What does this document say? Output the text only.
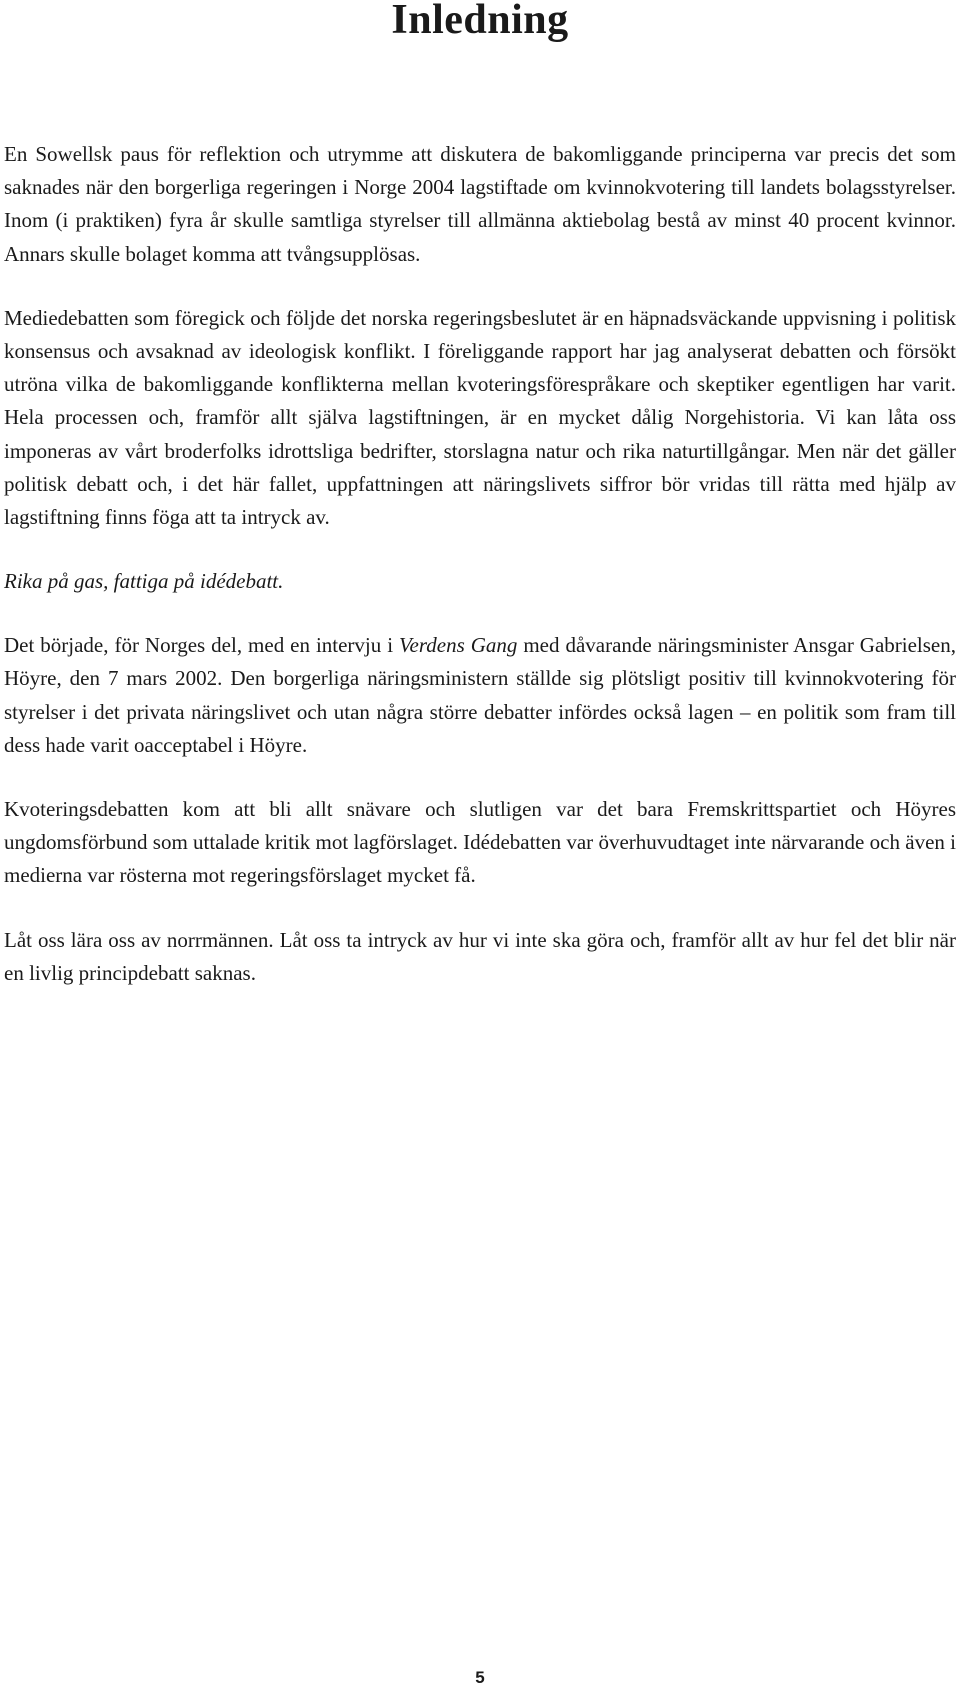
Inledning

En Sowellsk paus för reflektion och utrymme att diskutera de bakomliggande principerna var precis det som saknades när den borgerliga regeringen i Norge 2004 lagstiftade om kvinnokvotering till landets bolagsstyrelser. Inom (i praktiken) fyra år skulle samtliga styrelser till allmänna aktiebolag bestå av minst 40 procent kvinnor. Annars skulle bolaget komma att tvångsupplösas.

Mediedebatten som föregick och följde det norska regeringsbeslutet är en häpnadsväckande uppvisning i politisk konsensus och avsaknad av ideologisk konflikt. I föreliggande rapport har jag analyserat debatten och försökt utröna vilka de bakomliggande konflikterna mellan kvoteringsförespråkare och skeptiker egentligen har varit. Hela processen och, framför allt själva lagstiftningen, är en mycket dålig Norgehistoria. Vi kan låta oss imponeras av vårt broderfolks idrottsliga bedrifter, storslagna natur och rika naturtillgångar. Men när det gäller politisk debatt och, i det här fallet, uppfattningen att näringslivets siffror bör vridas till rätta med hjälp av lagstiftning finns föga att ta intryck av.

Rika på gas, fattiga på idédebatt.

Det började, för Norges del, med en intervju i Verdens Gang med dåvarande näringsminister Ansgar Gabrielsen, Höyre, den 7 mars 2002. Den borgerliga näringsministern ställde sig plötsligt positiv till kvinnokvotering för styrelser i det privata näringslivet och utan några större debatter infördes också lagen – en politik som fram till dess hade varit oacceptabel i Höyre.

Kvoteringsdebatten kom att bli allt snävare och slutligen var det bara Fremskrittspartiet och Höyres ungdomsförbund som uttalade kritik mot lagförslaget. Idédebatten var överhuvudtaget inte närvarande och även i medierna var rösterna mot regeringsförslaget mycket få.

Låt oss lära oss av norrmännen. Låt oss ta intryck av hur vi inte ska göra och, framför allt av hur fel det blir när en livlig principdebatt saknas.

5
